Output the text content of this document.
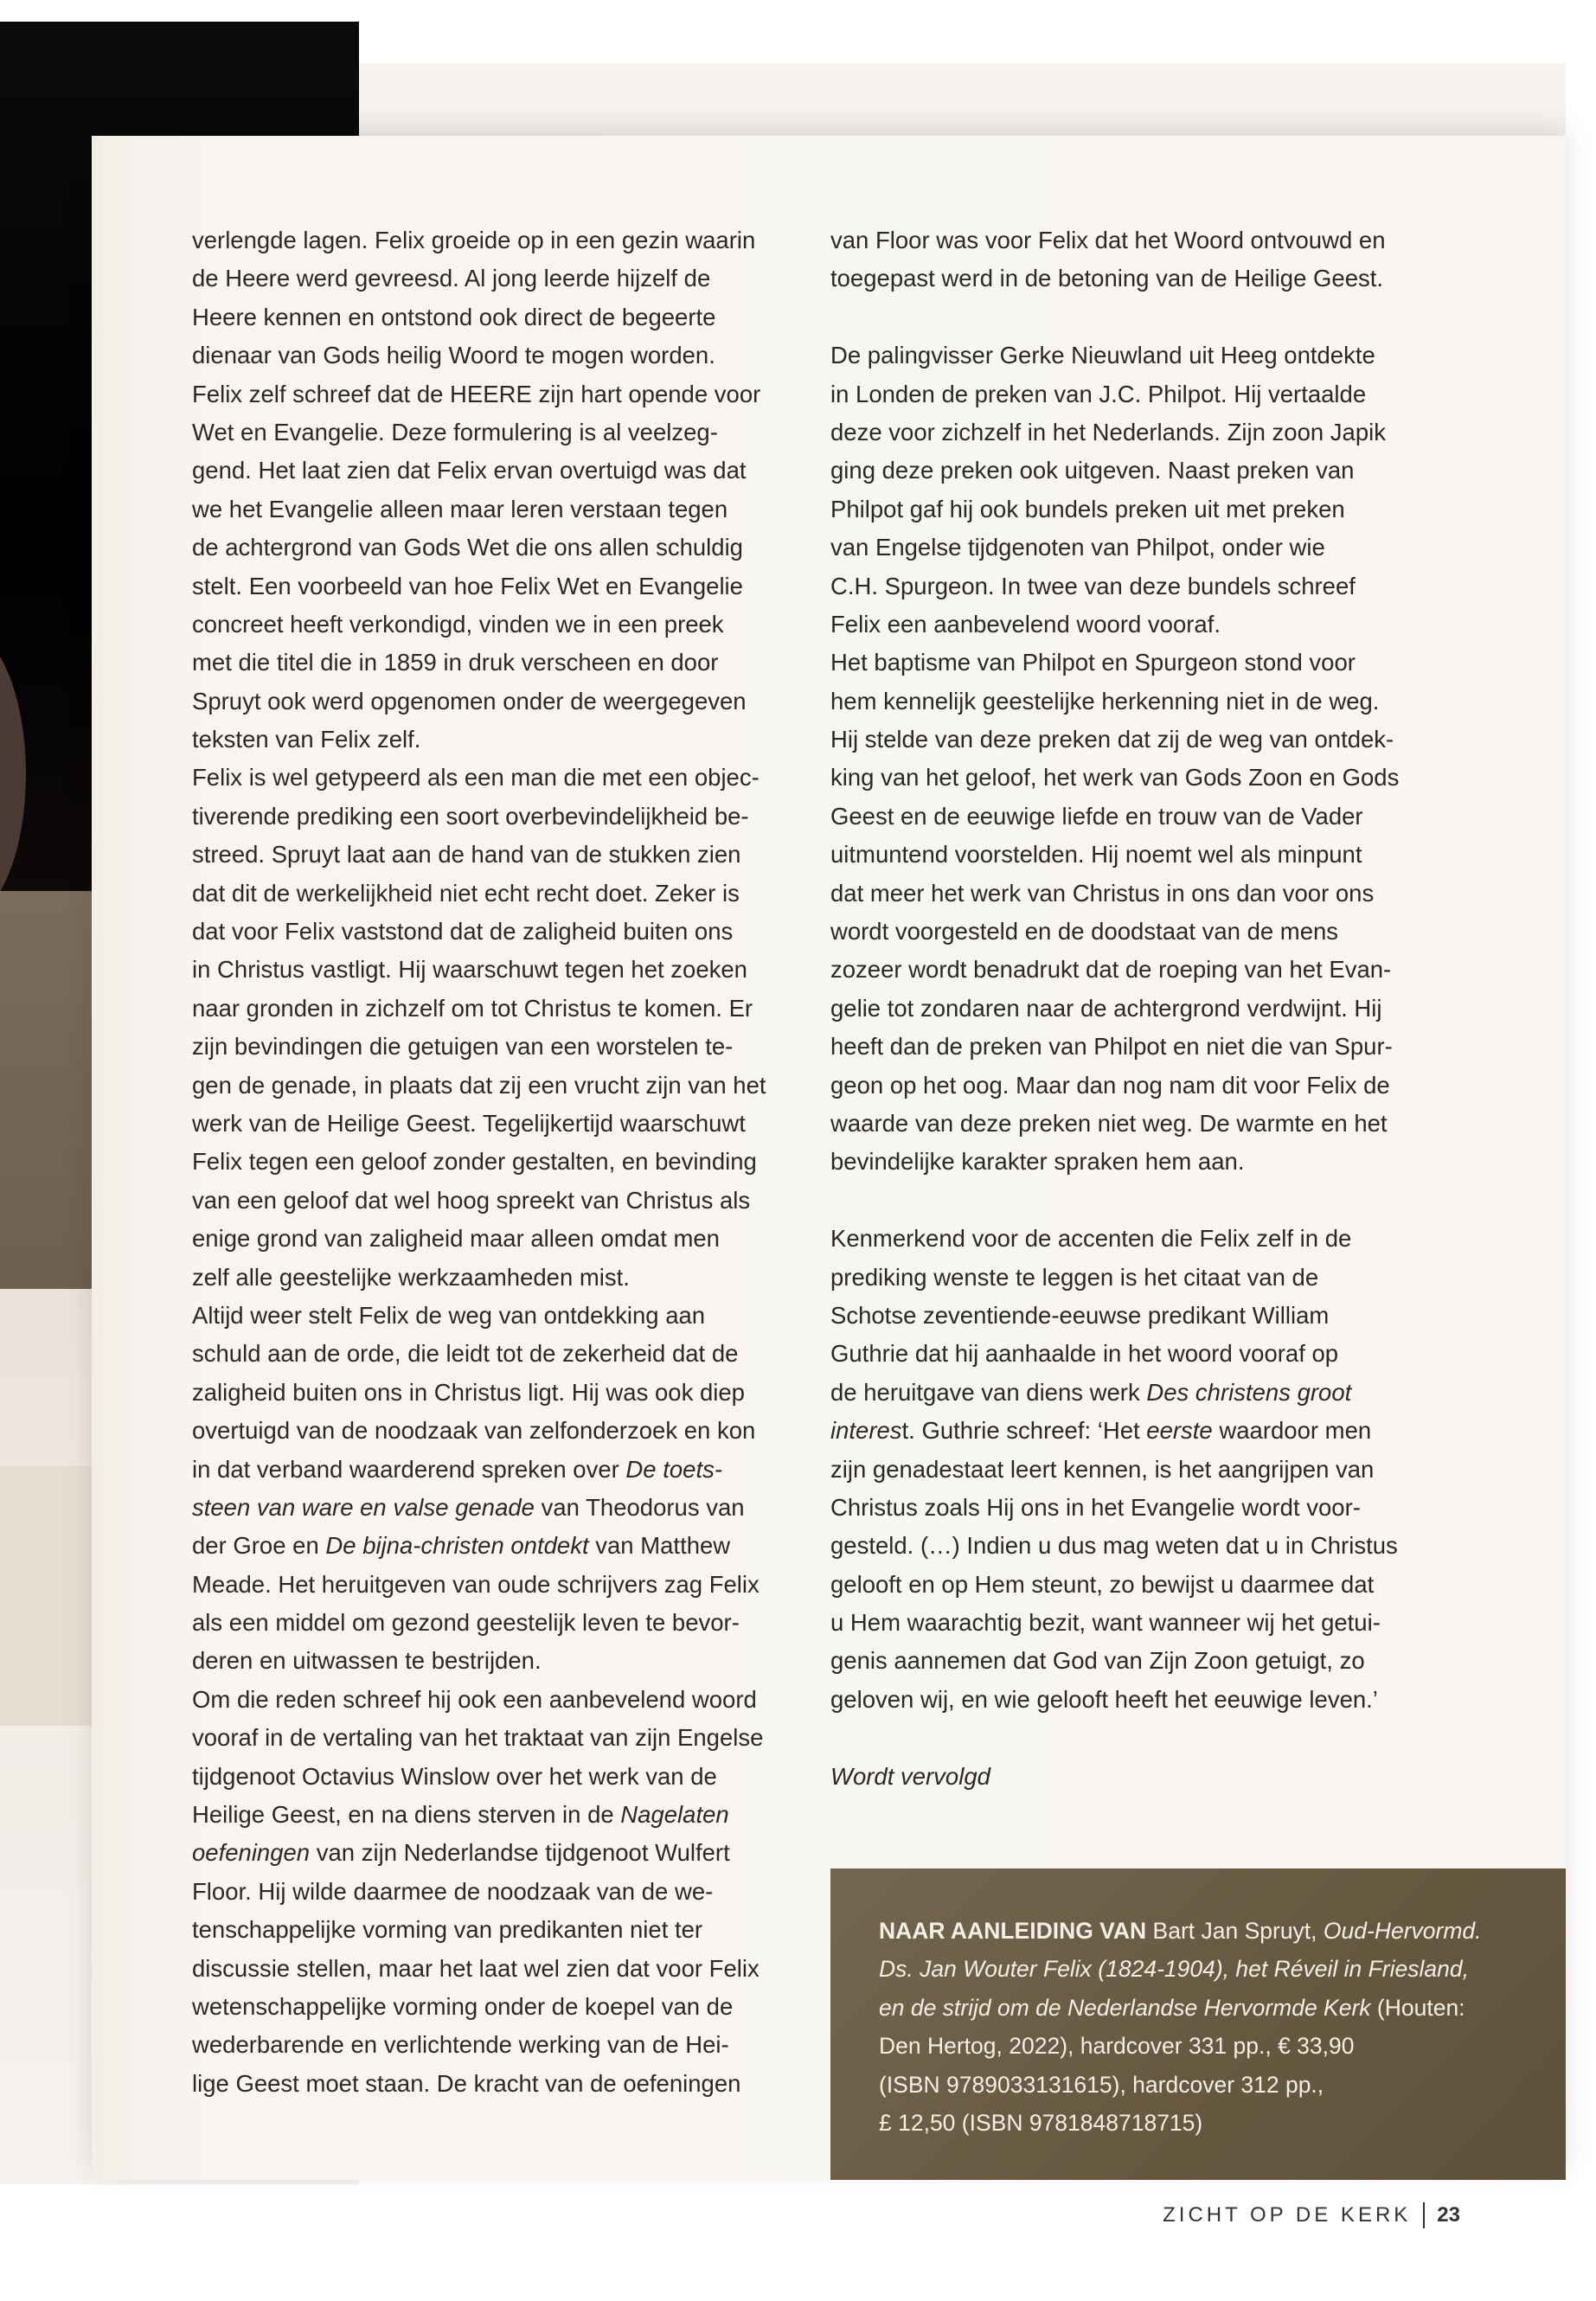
verlengde lagen. Felix groeide op in een gezin waarin
de Heere werd gevreesd. Al jong leerde hijzelf de
Heere kennen en ontstond ook direct de begeerte
dienaar van Gods heilig Woord te mogen worden.
Felix zelf schreef dat de HEERE zijn hart opende voor
Wet en Evangelie. Deze formulering is al veelzeg-
gend. Het laat zien dat Felix ervan overtuigd was dat
we het Evangelie alleen maar leren verstaan tegen
de achtergrond van Gods Wet die ons allen schuldig
stelt. Een voorbeeld van hoe Felix Wet en Evangelie
concreet heeft verkondigd, vinden we in een preek
met die titel die in 1859 in druk verscheen en door
Spruyt ook werd opgenomen onder de weergegeven
teksten van Felix zelf.
Felix is wel getypeerd als een man die met een objec-
tiverende prediking een soort overbevindelijkheid be-
streed. Spruyt laat aan de hand van de stukken zien
dat dit de werkelijkheid niet echt recht doet. Zeker is
dat voor Felix vaststond dat de zaligheid buiten ons
in Christus vastligt. Hij waarschuwt tegen het zoeken
naar gronden in zichzelf om tot Christus te komen. Er
zijn bevindingen die getuigen van een worstelen te-
gen de genade, in plaats dat zij een vrucht zijn van het
werk van de Heilige Geest. Tegelijkertijd waarschuwt
Felix tegen een geloof zonder gestalten, en bevinding
van een geloof dat wel hoog spreekt van Christus als
enige grond van zaligheid maar alleen omdat men
zelf alle geestelijke werkzaamheden mist.
Altijd weer stelt Felix de weg van ontdekking aan
schuld aan de orde, die leidt tot de zekerheid dat de
zaligheid buiten ons in Christus ligt. Hij was ook diep
overtuigd van de noodzaak van zelfonderzoek en kon
in dat verband waarderend spreken over De toets-
steen van ware en valse genade van Theodorus van
der Groe en De bijna-christen ontdekt van Matthew
Meade. Het heruitgeven van oude schrijvers zag Felix
als een middel om gezond geestelijk leven te bevor-
deren en uitwassen te bestrijden.
Om die reden schreef hij ook een aanbevelend woord
vooraf in de vertaling van het traktaat van zijn Engelse
tijdgenoot Octavius Winslow over het werk van de
Heilige Geest, en na diens sterven in de Nagelaten
oefeningen van zijn Nederlandse tijdgenoot Wulfert
Floor. Hij wilde daarmee de noodzaak van de we-
tenschappelijke vorming van predikanten niet ter
discussie stellen, maar het laat wel zien dat voor Felix
wetenschappelijke vorming onder de koepel van de
wederbarende en verlichtende werking van de Hei-
lige Geest moet staan. De kracht van de oefeningen
van Floor was voor Felix dat het Woord ontvouwd en
toegepast werd in de betoning van de Heilige Geest.
De palingvisser Gerke Nieuwland uit Heeg ontdekte
in Londen de preken van J.C. Philpot. Hij vertaalde
deze voor zichzelf in het Nederlands. Zijn zoon Japik
ging deze preken ook uitgeven. Naast preken van
Philpot gaf hij ook bundels preken uit met preken
van Engelse tijdgenoten van Philpot, onder wie
C.H. Spurgeon. In twee van deze bundels schreef
Felix een aanbevelend woord vooraf.
Het baptisme van Philpot en Spurgeon stond voor
hem kennelijk geestelijke herkenning niet in de weg.
Hij stelde van deze preken dat zij de weg van ontdek-
king van het geloof, het werk van Gods Zoon en Gods
Geest en de eeuwige liefde en trouw van de Vader
uitmuntend voorstelden. Hij noemt wel als minpunt
dat meer het werk van Christus in ons dan voor ons
wordt voorgesteld en de doodstaat van de mens
zozeer wordt benadrukt dat de roeping van het Evan-
gelie tot zondaren naar de achtergrond verdwijnt. Hij
heeft dan de preken van Philpot en niet die van Spur-
geon op het oog. Maar dan nog nam dit voor Felix de
waarde van deze preken niet weg. De warmte en het
bevindelijke karakter spraken hem aan.
Kenmerkend voor de accenten die Felix zelf in de
prediking wenste te leggen is het citaat van de
Schotse zeventiende-eeuwse predikant William
Guthrie dat hij aanhaalde in het woord vooraf op
de heruitgave van diens werk Des christens groot
interest. Guthrie schreef: ‘Het eerste waardoor men
zijn genadestaat leert kennen, is het aangrijpen van
Christus zoals Hij ons in het Evangelie wordt voor-
gesteld. (…) Indien u dus mag weten dat u in Christus
gelooft en op Hem steunt, zo bewijst u daarmee dat
u Hem waarachtig bezit, want wanneer wij het getui-
genis aannemen dat God van Zijn Zoon getuigt, zo
geloven wij, en wie gelooft heeft het eeuwige leven.’
Wordt vervolgd
NAAR AANLEIDING VAN Bart Jan Spruyt, Oud-Hervormd.
Ds. Jan Wouter Felix (1824-1904), het Réveil in Friesland,
en de strijd om de Nederlandse Hervormde Kerk (Houten:
Den Hertog, 2022), hardcover 331 pp., € 33,90
(ISBN 9789033131615), hardcover 312 pp.,
£ 12,50 (ISBN 9781848718715)
ZICHT OP DE KERK 23
